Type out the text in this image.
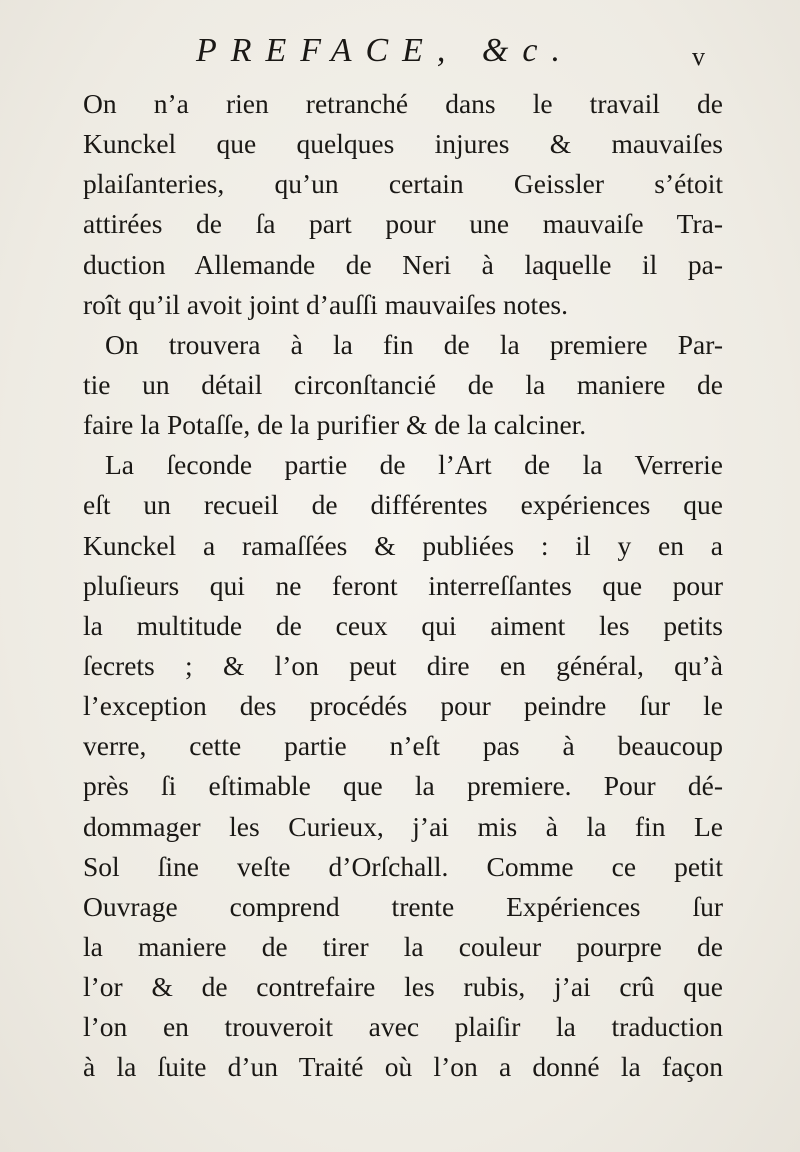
PREFACE, &c.	v
On n’a rien retranché dans le travail de
Kunckel que quelques injures & mauvaiſes
plaiſanteries, qu’un certain Geissler s’étoit
attirées de ſa part pour une mauvaiſe Tra-
duction Allemande de Neri à laquelle il pa-
roît qu’il avoit joint d’auſſi mauvaiſes notes.
On trouvera à la fin de la premiere Par-
tie un détail circonſtancié de la maniere de
faire la Potaſſe, de la purifier & de la calciner.
La ſeconde partie de l’Art de la Verrerie
eſt un recueil de différentes expériences que
Kunckel a ramaſſées & publiées : il y en a
pluſieurs qui ne feront interreſſantes que pour
la multitude de ceux qui aiment les petits
ſecrets ; & l’on peut dire en général, qu’à
l’exception des procédés pour peindre ſur le
verre, cette partie n’eſt pas à beaucoup
près ſi eſtimable que la premiere. Pour dé-
dommager les Curieux, j’ai mis à la fin Le
Sol ſine veſte d’Orſchall. Comme ce petit
Ouvrage comprend trente Expériences ſur
la maniere de tirer la couleur pourpre de
l’or & de contrefaire les rubis, j’ai crû que
l’on en trouveroit avec plaiſir la traduction
à la ſuite d’un Traité où l’on a donné la façon
